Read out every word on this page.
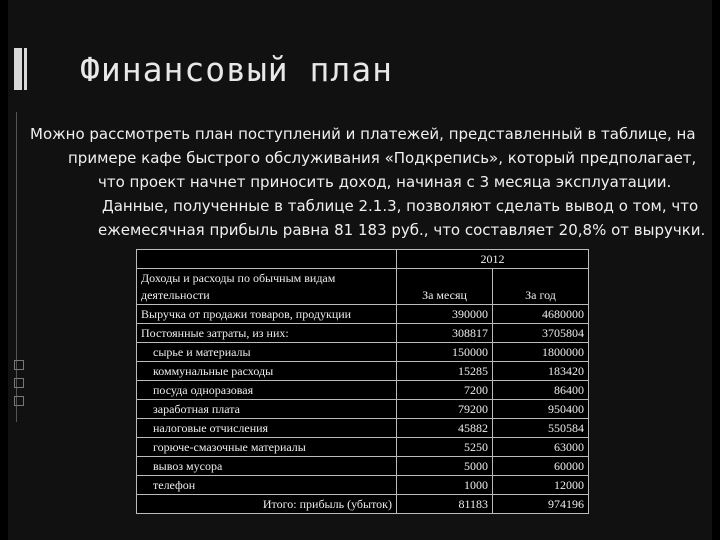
Финансовый план
Можно рассмотреть план поступлений и платежей, представленный в таблице, на
примере кафе быстрого обслуживания «Подкрепись», который предполагает,
что проект начнет приносить доход, начиная с 3 месяца эксплуатации.
Данные, полученные в таблице 2.1.3, позволяют сделать вывод о том, что
ежемесячная прибыль равна 81 183 руб., что составляет 20,8% от выручки.
	2012	
Доходы и расходы по обычным видам деятельности	За месяц	За год
Выручка от продажи товаров, продукции	390000	4680000
Постоянные затраты, из них:	308817	3705804
сырье и материалы	150000	1800000
коммунальные расходы	15285	183420
посуда одноразовая	7200	86400
заработная плата	79200	950400
налоговые отчисления	45882	550584
горюче-смазочные материалы	5250	63000
вывоз мусора	5000	60000
телефон	1000	12000
Итого: прибыль (убыток)	81183	974196
